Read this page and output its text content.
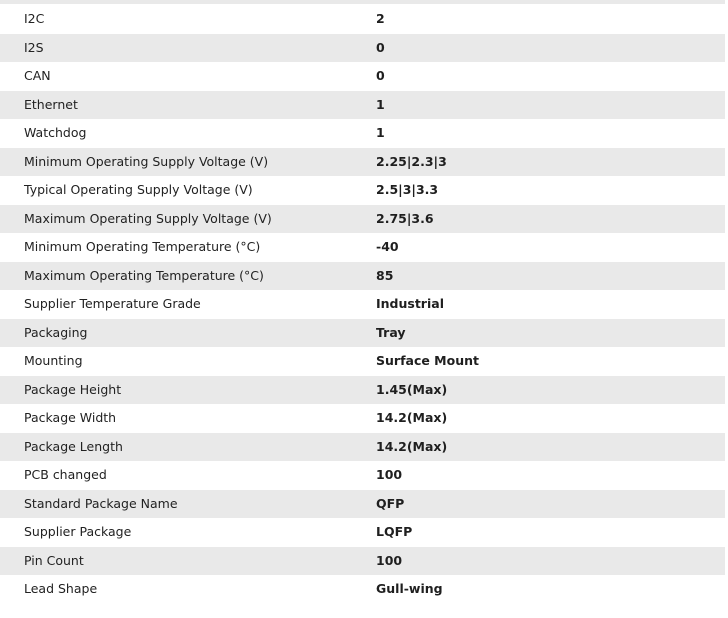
I2C	2
I2S	0
CAN	0
Ethernet	1
Watchdog	1
Minimum Operating Supply Voltage (V)	2.25|2.3|3
Typical Operating Supply Voltage (V)	2.5|3|3.3
Maximum Operating Supply Voltage (V)	2.75|3.6
Minimum Operating Temperature (°C)	-40
Maximum Operating Temperature (°C)	85
Supplier Temperature Grade	Industrial
Packaging	Tray
Mounting	Surface Mount
Package Height	1.45(Max)
Package Width	14.2(Max)
Package Length	14.2(Max)
PCB changed	100
Standard Package Name	QFP
Supplier Package	LQFP
Pin Count	100
Lead Shape	Gull-wing
